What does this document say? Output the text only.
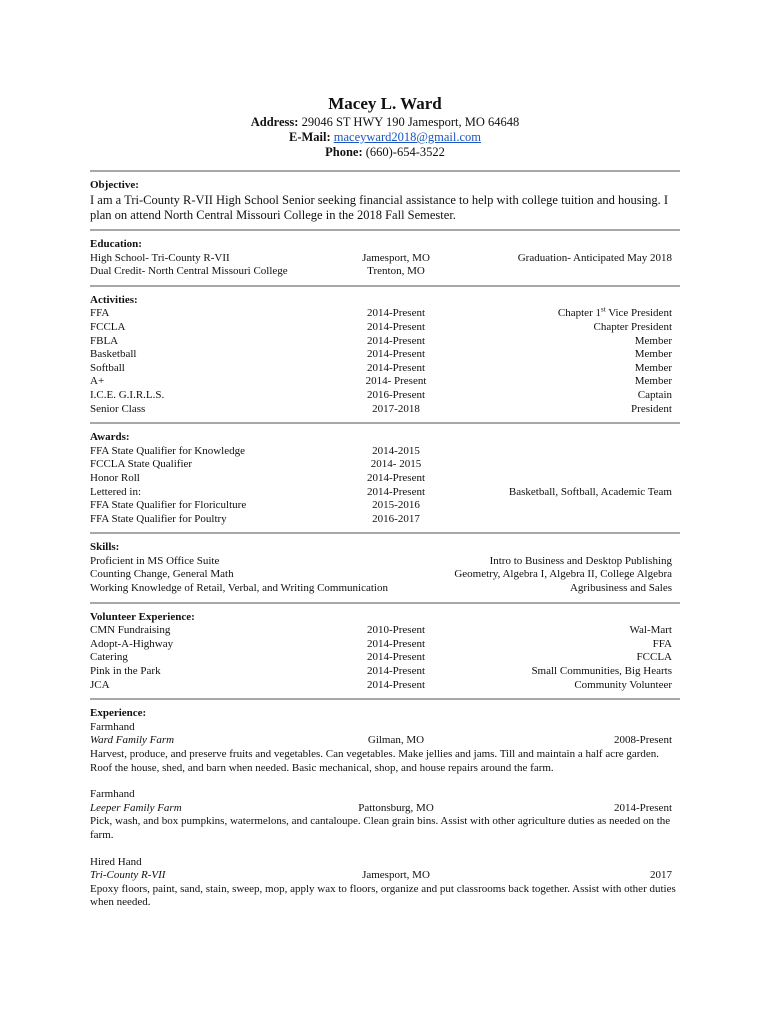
Macey L. Ward
Address: 29046 ST HWY 190 Jamesport, MO 64648
E-Mail: maceyward2018@gmail.com
Phone: (660)-654-3522
Objective:
I am a Tri-County R-VII High School Senior seeking financial assistance to help with college tuition and housing. I plan on attend North Central Missouri College in the 2018 Fall Semester.
Education:
High School- Tri-County R-VII	Jamesport, MO	Graduation- Anticipated May 2018
Dual Credit- North Central Missouri College	Trenton, MO
Activities:
FFA	2014-Present	Chapter 1st Vice President
FCCLA	2014-Present	Chapter President
FBLA	2014-Present	Member
Basketball	2014-Present	Member
Softball	2014-Present	Member
A+	2014- Present	Member
I.C.E. G.I.R.L.S.	2016-Present	Captain
Senior Class	2017-2018	President
Awards:
FFA State Qualifier for Knowledge	2014-2015
FCCLA State Qualifier	2014- 2015
Honor Roll	2014-Present
Lettered in:	2014-Present	Basketball, Softball, Academic Team
FFA State Qualifier for Floriculture	2015-2016
FFA State Qualifier for Poultry	2016-2017
Skills:
Proficient in MS Office Suite	Intro to Business and Desktop Publishing
Counting Change, General Math	Geometry, Algebra I, Algebra II, College Algebra
Working Knowledge of Retail, Verbal, and Writing Communication	Agribusiness and Sales
Volunteer Experience:
CMN Fundraising	2010-Present	Wal-Mart
Adopt-A-Highway	2014-Present	FFA
Catering	2014-Present	FCCLA
Pink in the Park	2014-Present	Small Communities, Big Hearts
JCA	2014-Present	Community Volunteer
Experience:
Farmhand
Ward Family Farm	Gilman, MO	2008-Present
Harvest, produce, and preserve fruits and vegetables. Can vegetables. Make jellies and jams. Till and maintain a half acre garden. Roof the house, shed, and barn when needed. Basic mechanical, shop, and house repairs around the farm.
Farmhand
Leeper Family Farm	Pattonsburg, MO	2014-Present
Pick, wash, and box pumpkins, watermelons, and cantaloupe. Clean grain bins. Assist with other agriculture duties as needed on the farm.
Hired Hand
Tri-County R-VII	Jamesport, MO	2017
Epoxy floors, paint, sand, stain, sweep, mop, apply wax to floors, organize and put classrooms back together. Assist with other duties when needed.
